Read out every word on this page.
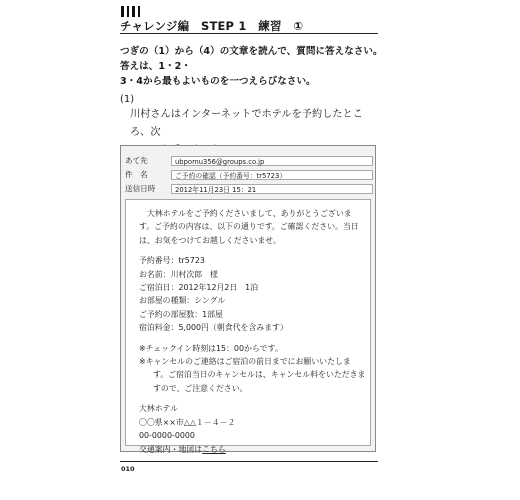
チャレンジ編　STEP 1　練習　①
つぎの（1）から（4）の文章を読んで、質問に答えなさい。答えは、1・2・
3・4から最もよいものを一つえらびなさい。
(1)
川村さんはインターネットでホテルを予約したところ、次
あて先	ubpomu356@groups.co.jp
件　名	ご予約の確認（予約番号：tr5723）
送信日時	2012年11月23日 15：21
大林ホテルをご予約くださいまして、ありがとうございま
す。ご予約の内容は、以下の通りです。ご確認ください。当日
は、お気をつけてお越しくださいませ。
予約番号：tr5723
お名前：川村次郎　様
ご宿泊日：2012年12月2日　1泊
お部屋の種類：シングル
ご予約の部屋数：1部屋
宿泊料金：5,000円（朝食代を含みます）
※チェックイン時刻は15：00からです。
※キャンセルのご連絡はご宿泊の前日までにお願いいたしま
す。ご宿泊当日のキャンセルは、キャンセル料をいただきま
すので、ご注意ください。
大林ホテル
〇〇県××市△△１－４－２
00-0000-0000
交通案内・地図はこちら
010
